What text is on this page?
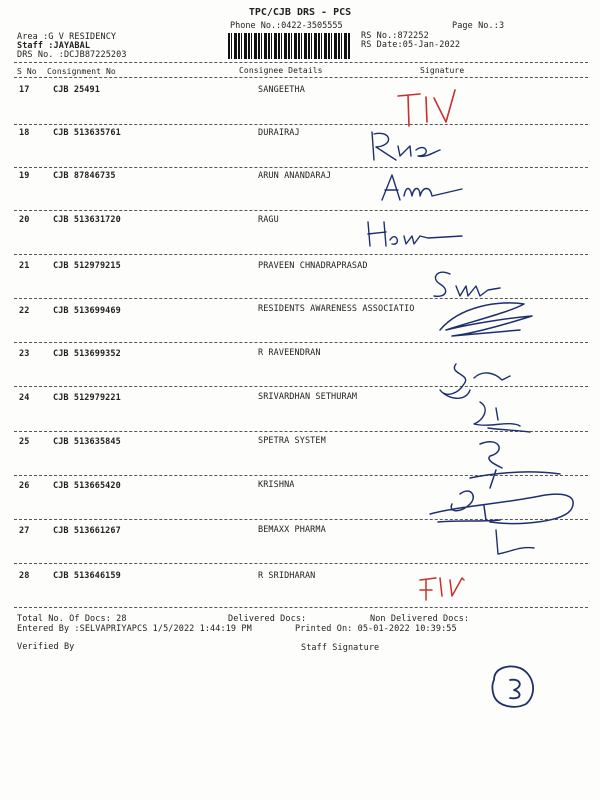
TPC/CJB DRS - PCS
Phone No.:0422-3505555	Page No.:3
Area :G V RESIDENCY
Staff :JAYABAL
DRS No. :DCJB87225203
RS No.:872252
RS Date:05-Jan-2022
S No Consignment No	Consignee Details	Signature
17	CJB 25491	SANGEETHA
18	CJB 513635761	DURAIRAJ
19	CJB 87846735	ARUN ANANDARAJ
20	CJB 513631720	RAGU
21	CJB 512979215	PRAVEEN CHNADRAPRASAD
22	CJB 513699469	RESIDENTS AWARENESS ASSOCIATIO
23	CJB 513699352	R RAVEENDRAN
24	CJB 512979221	SRIVARDHAN SETHURAM
25	CJB 513635845	SPETRA SYSTEM
26	CJB 513665420	KRISHNA
27	CJB 513661267	BEMAXX PHARMA
28	CJB 513646159	R SRIDHARAN
Total No. Of Docs: 28	Delivered Docs:	Non Delivered Docs:
Entered By :SELVAPRIYAPCS 1/5/2022 1:44:19 PM	Printed On: 05-01-2022 10:39:55
Verified By	Staff Signature
